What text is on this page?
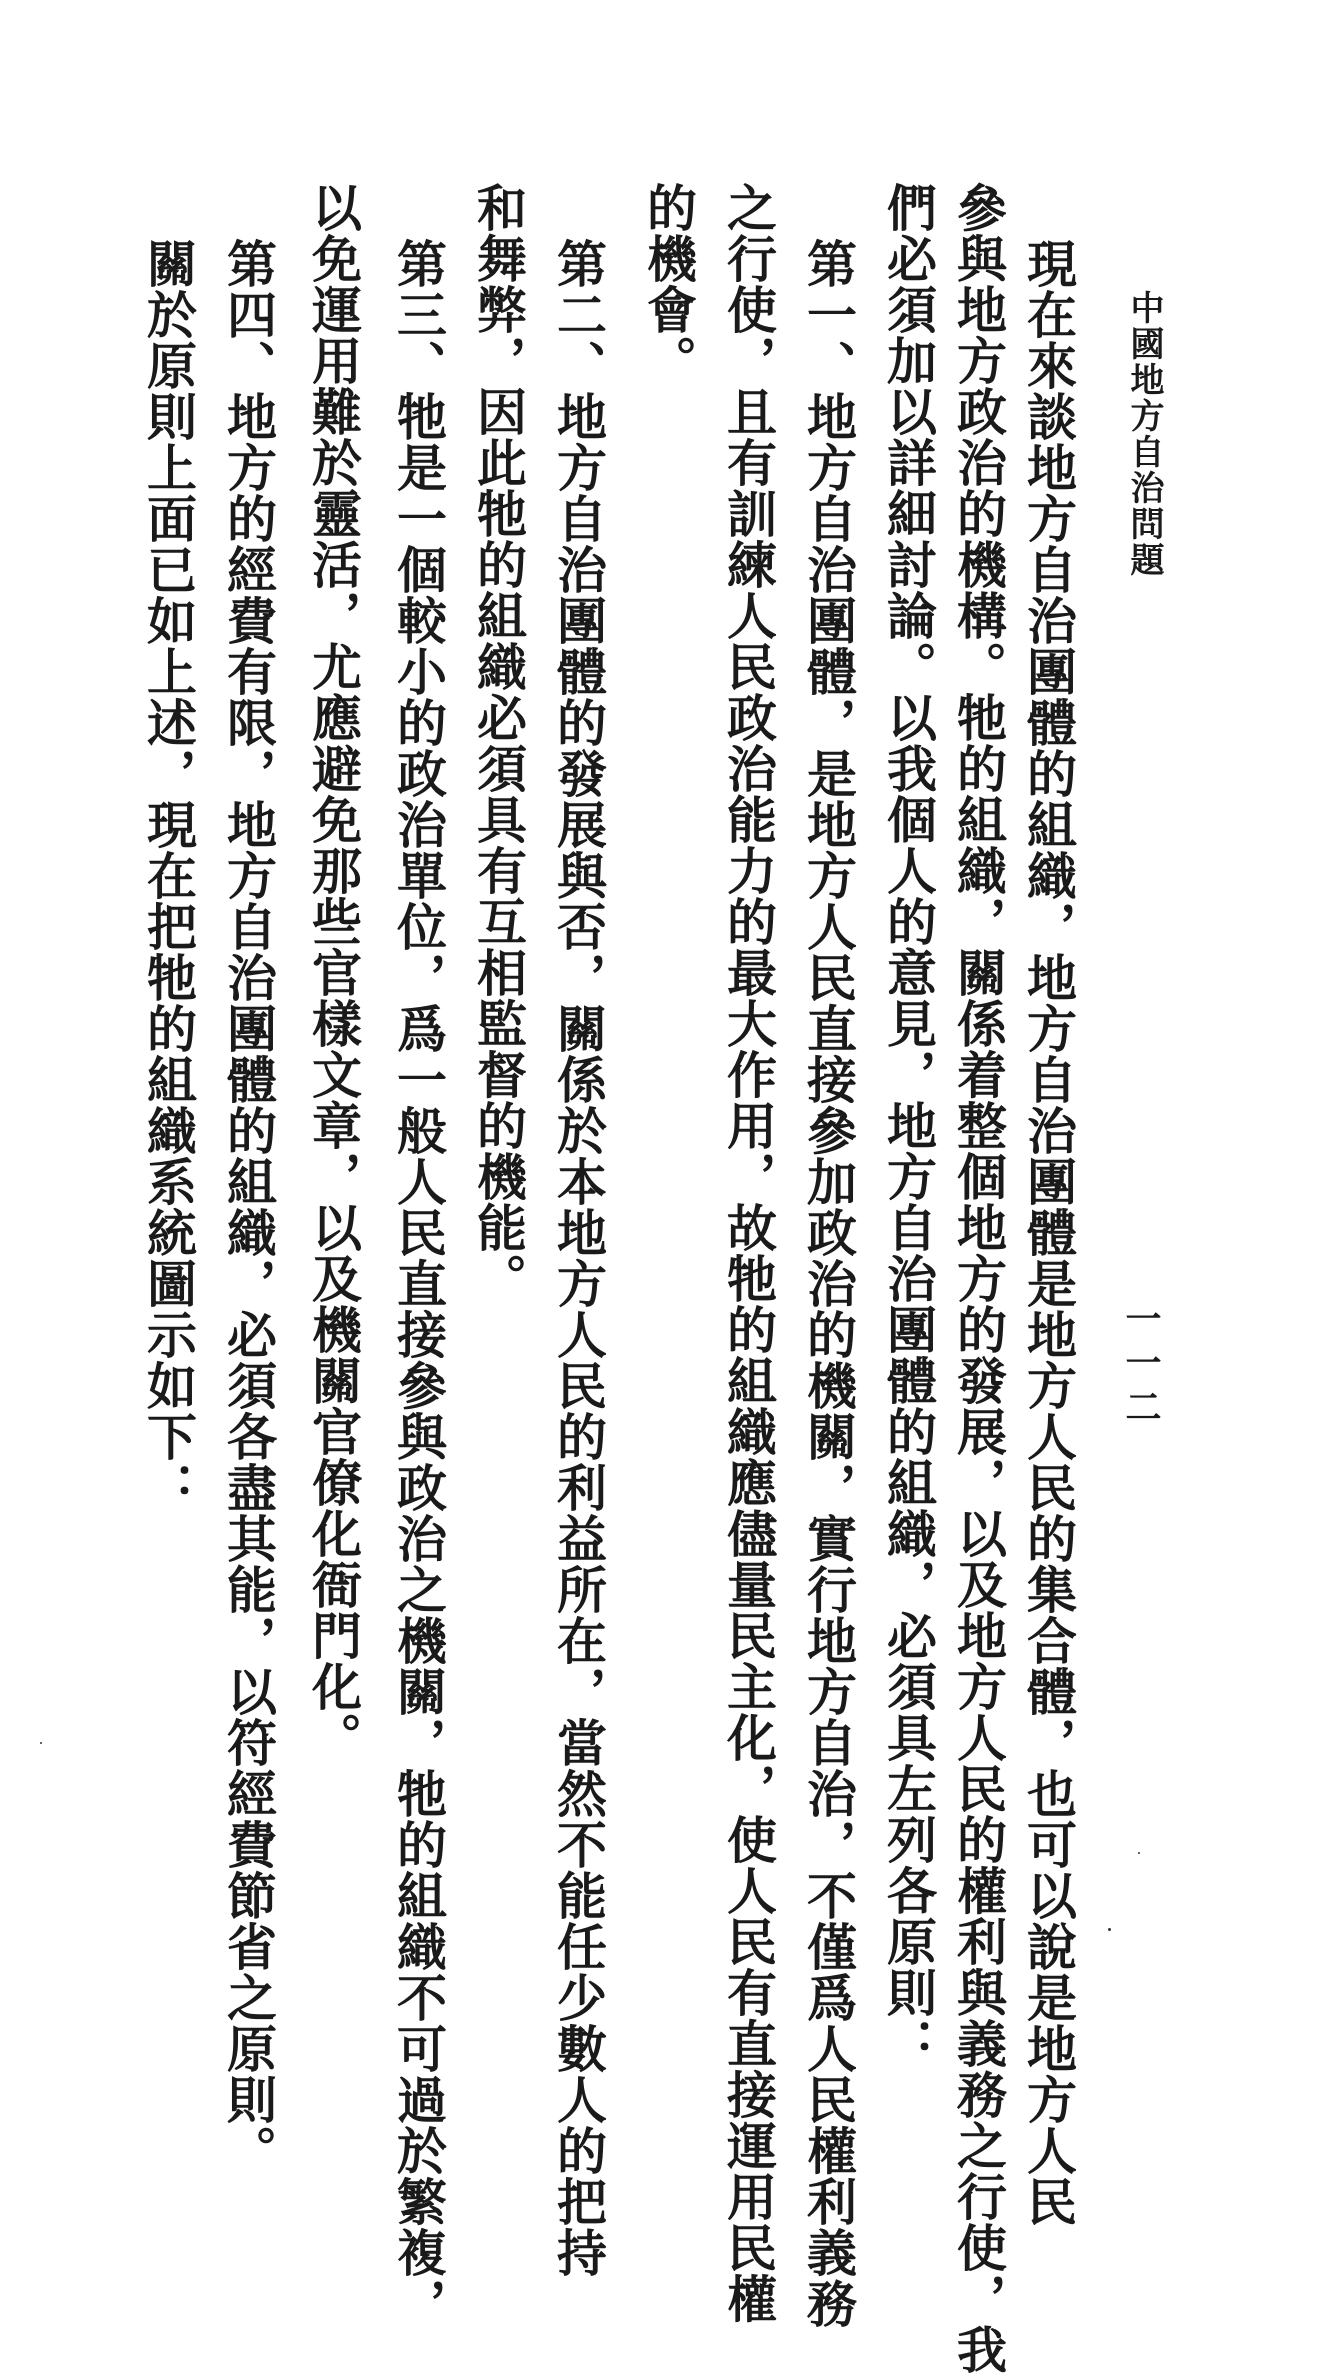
中國地方自治問題
一一二
現在來談地方自治團體的組織，地方自治團體是地方人民的集合體，也可以說是地方人民
參與地方政治的機構。牠的組織，關係着整個地方的發展，以及地方人民的權利與義務之行使，我
們必須加以詳細討論。以我個人的意見，地方自治團體的組織，必須具左列各原則：
第一、地方自治團體，是地方人民直接參加政治的機關，實行地方自治，不僅爲人民權利義務
之行使，且有訓練人民政治能力的最大作用，故牠的組織應儘量民主化，使人民有直接運用民權
的機會。
第二、地方自治團體的發展與否，關係於本地方人民的利益所在，當然不能任少數人的把持
和舞弊，因此牠的組織必須具有互相監督的機能。
第三、牠是一個較小的政治單位，爲一般人民直接參與政治之機關，牠的組織不可過於繁複，
以免運用難於靈活，尤應避免那些官樣文章，以及機關官僚化衙門化。
第四、地方的經費有限，地方自治團體的組織，必須各盡其能，以符經費節省之原則。
關於原則上面已如上述，現在把牠的組織系統圖示如下：
